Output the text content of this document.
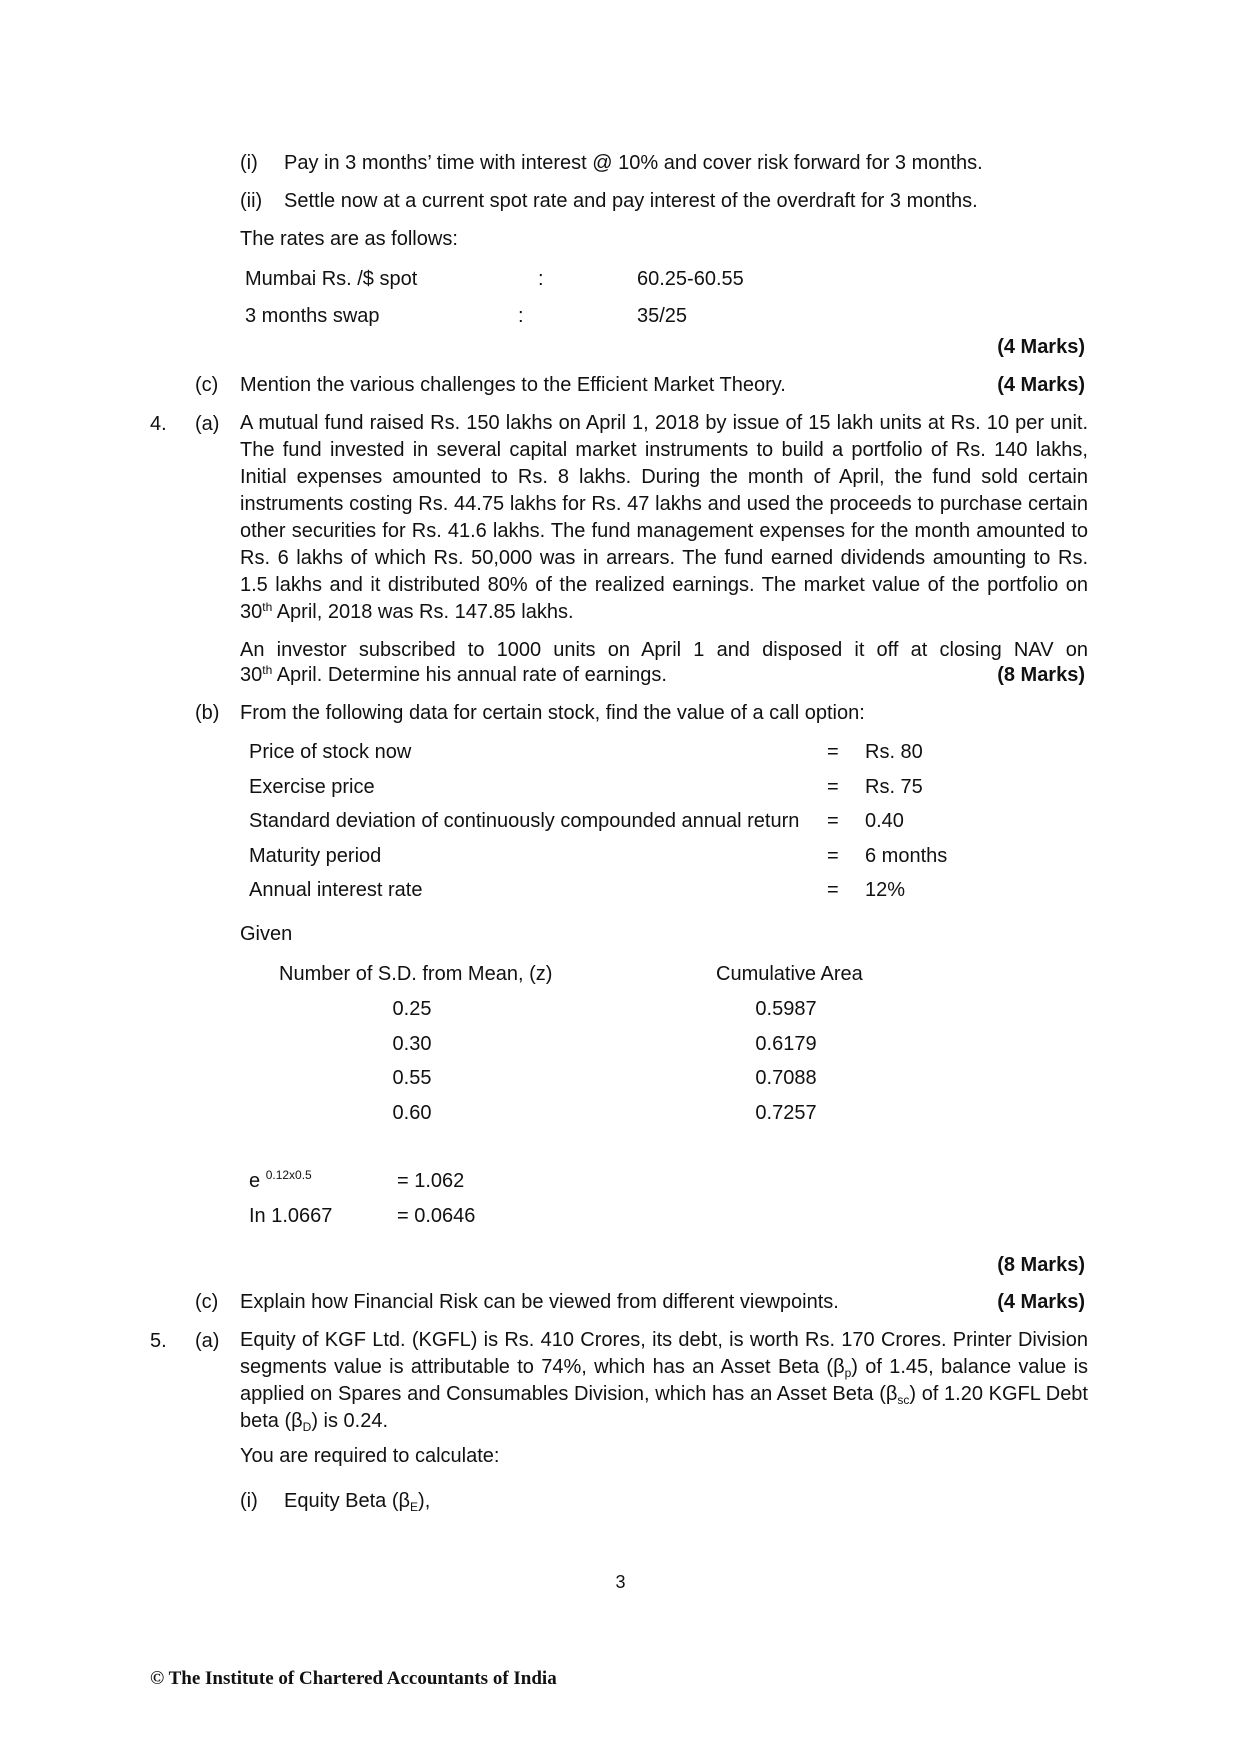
(i) Pay in 3 months’ time with interest @ 10% and cover risk forward for 3 months.
(ii) Settle now at a current spot rate and pay interest of the overdraft for 3 months.
The rates are as follows:
Mumbai Rs. /$ spot	:	60.25-60.55
3 months swap	:	35/25
(4 Marks)
(c) Mention the various challenges to the Efficient Market Theory.	(4 Marks)
4. (a) A mutual fund raised Rs. 150 lakhs on April 1, 2018 by issue of 15 lakh units at Rs. 10 per unit. The fund invested in several capital market instruments to build a portfolio of Rs. 140 lakhs, Initial expenses amounted to Rs. 8 lakhs. During the month of April, the fund sold certain instruments costing Rs. 44.75 lakhs for Rs. 47 lakhs and used the proceeds to purchase certain other securities for Rs. 41.6 lakhs. The fund management expenses for the month amounted to Rs. 6 lakhs of which Rs. 50,000 was in arrears. The fund earned dividends amounting to Rs. 1.5 lakhs and it distributed 80% of the realized earnings. The market value of the portfolio on 30th April, 2018 was Rs. 147.85 lakhs.
An investor subscribed to 1000 units on April 1 and disposed it off at closing NAV on
30th April. Determine his annual rate of earnings.	(8 Marks)
(b) From the following data for certain stock, find the value of a call option:
Price of stock now	= Rs. 80
Exercise price	= Rs. 75
Standard deviation of continuously compounded annual return = 0.40
Maturity period	= 6 months
Annual interest rate	= 12%
Given
Number of S.D. from Mean, (z)	Cumulative Area
0.25	0.5987
0.30	0.6179
0.55	0.7088
0.60	0.7257
e $^{0.12x0.5}$	= 1.062
In 1.0667	= 0.0646
(8 Marks)
(c) Explain how Financial Risk can be viewed from different viewpoints.	(4 Marks)
5. (a) Equity of KGF Ltd. (KGFL) is Rs. 410 Crores, its debt, is worth Rs. 170 Crores. Printer Division segments value is attributable to 74%, which has an Asset Beta $(\beta_p)$ of 1.45, balance value is applied on Spares and Consumables Division, which has an Asset Beta $(\beta_{sc})$ of 1.20 KGFL Debt beta $(\beta_D)$ is 0.24.
You are required to calculate:
(i) Equity Beta $(\beta_E)$,
3
© The Institute of Chartered Accountants of India
